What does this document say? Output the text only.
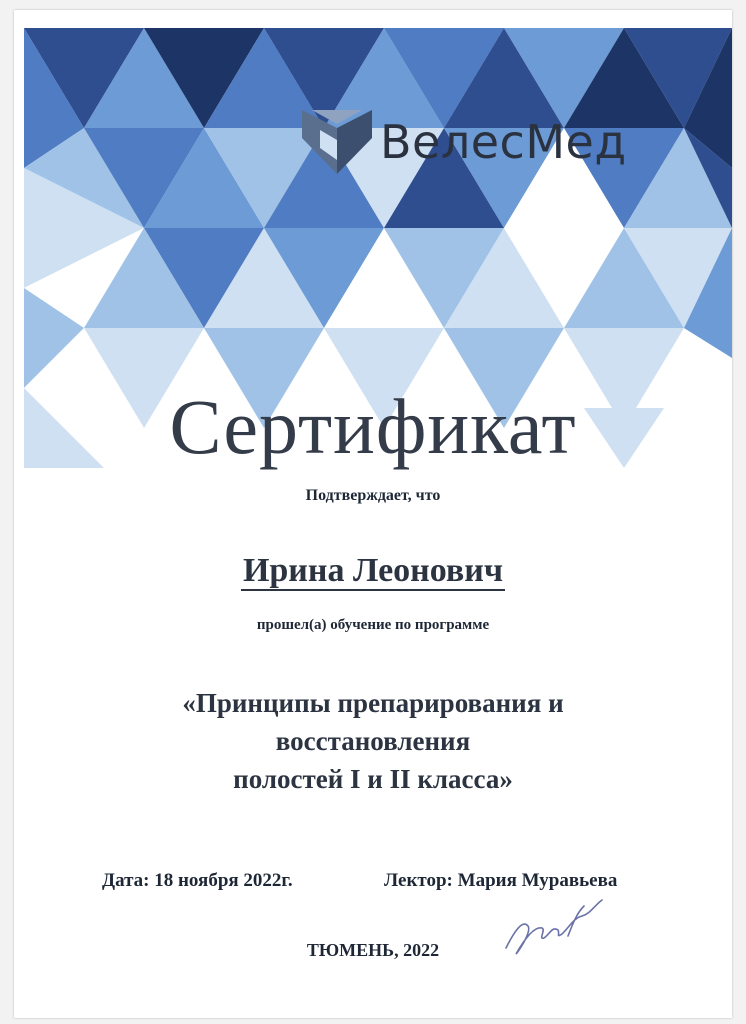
ВелесМед
Сертификат
Подтверждает, что
Ирина Леонович
прошел(а) обучение по программе
«Принципы препарирования и
восстановления
полостей I и II класса»
Дата: 18 ноября 2022г.	Лектор: Мария Муравьева
ТЮМЕНЬ, 2022
